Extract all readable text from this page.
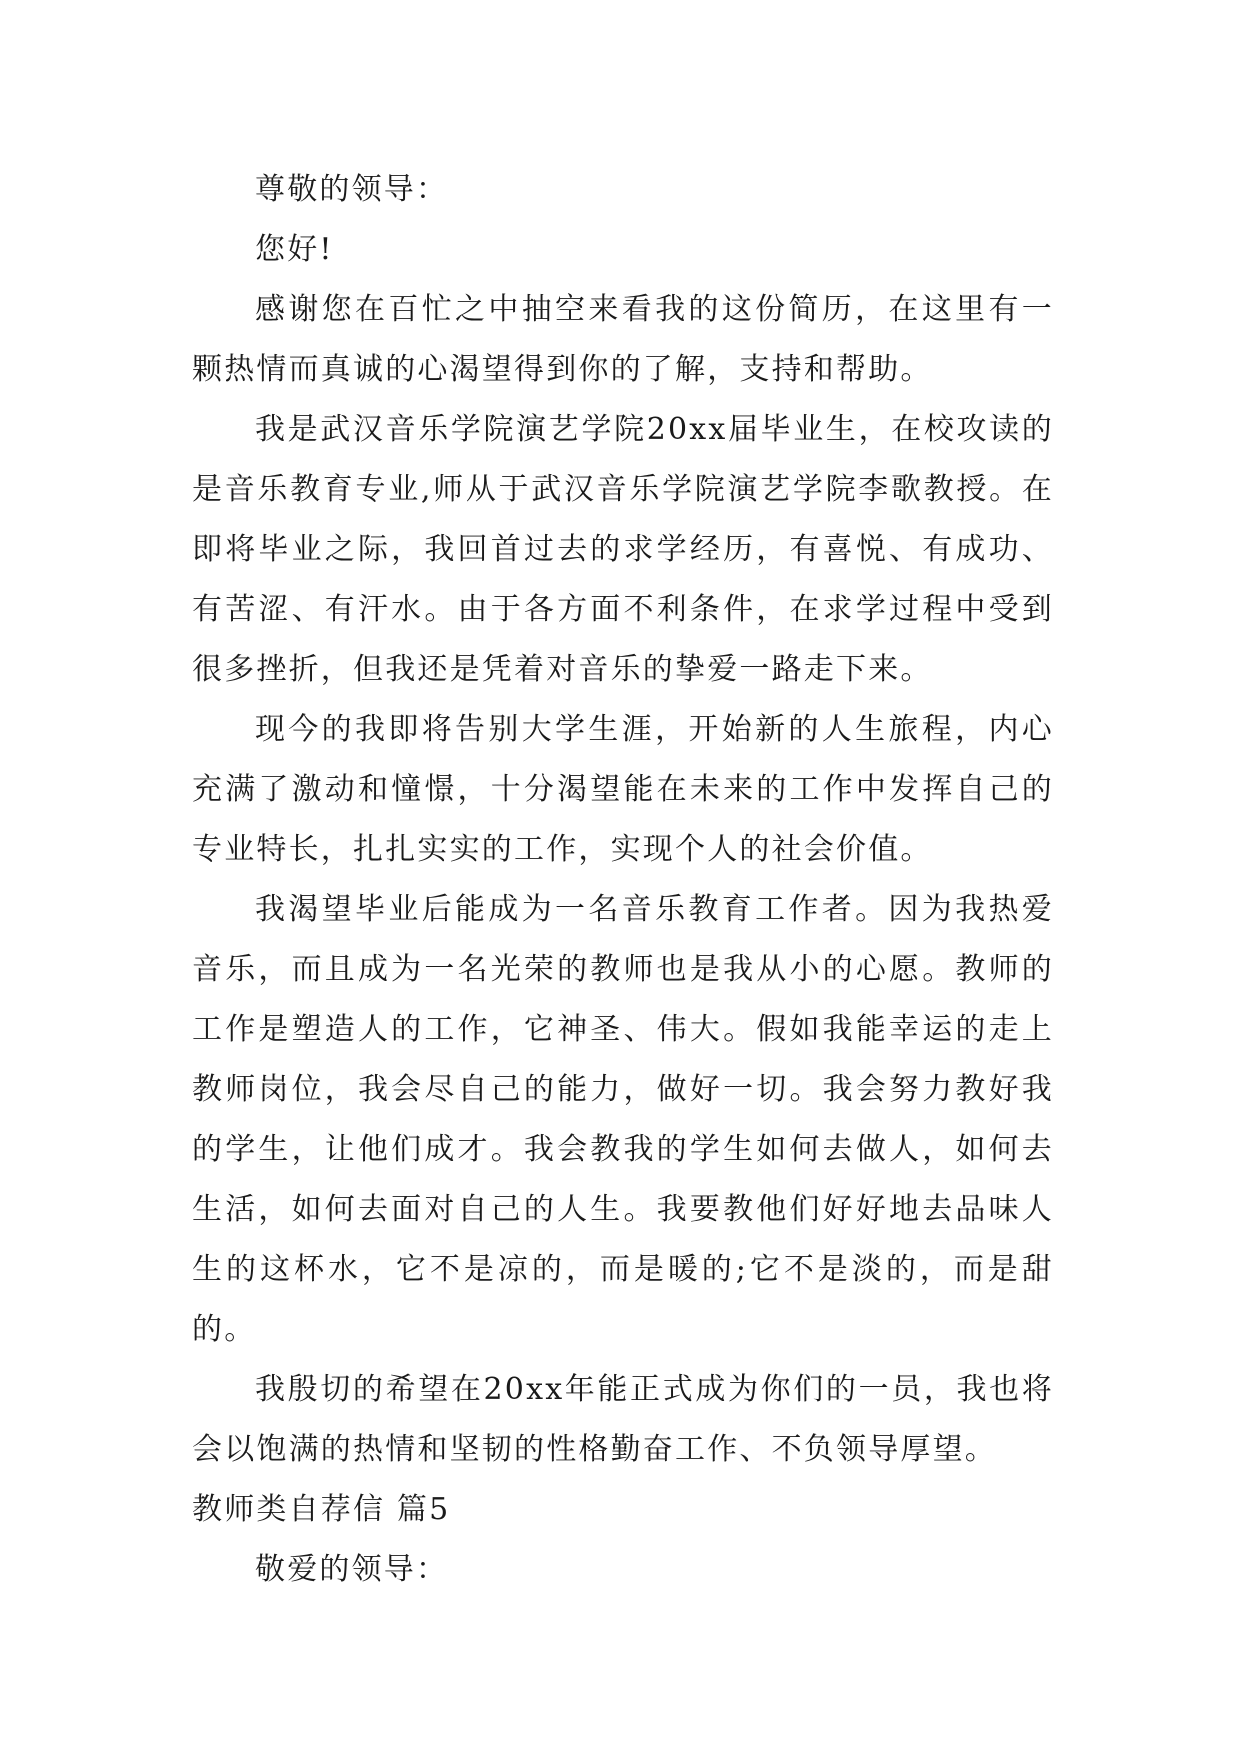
尊敬的领导：

您好!

感谢您在百忙之中抽空来看我的这份简历，在这里有一颗热情而真诚的心渴望得到你的了解，支持和帮助。

我是武汉音乐学院演艺学院20xx届毕业生，在校攻读的是音乐教育专业,师从于武汉音乐学院演艺学院李歌教授。在即将毕业之际，我回首过去的求学经历，有喜悦、有成功、有苦涩、有汗水。由于各方面不利条件，在求学过程中受到很多挫折，但我还是凭着对音乐的挚爱一路走下来。

现今的我即将告别大学生涯，开始新的人生旅程，内心充满了激动和憧憬，十分渴望能在未来的工作中发挥自己的专业特长，扎扎实实的工作，实现个人的社会价值。

我渴望毕业后能成为一名音乐教育工作者。因为我热爱音乐，而且成为一名光荣的教师也是我从小的心愿。教师的工作是塑造人的工作，它神圣、伟大。假如我能幸运的走上教师岗位，我会尽自己的能力，做好一切。我会努力教好我的学生，让他们成才。我会教我的学生如何去做人，如何去生活，如何去面对自己的人生。我要教他们好好地去品味人生的这杯水，它不是凉的，而是暖的;它不是淡的，而是甜的。

我殷切的希望在20xx年能正式成为你们的一员，我也将会以饱满的热情和坚韧的性格勤奋工作、不负领导厚望。

教师类自荐信 篇5

敬爱的领导：
